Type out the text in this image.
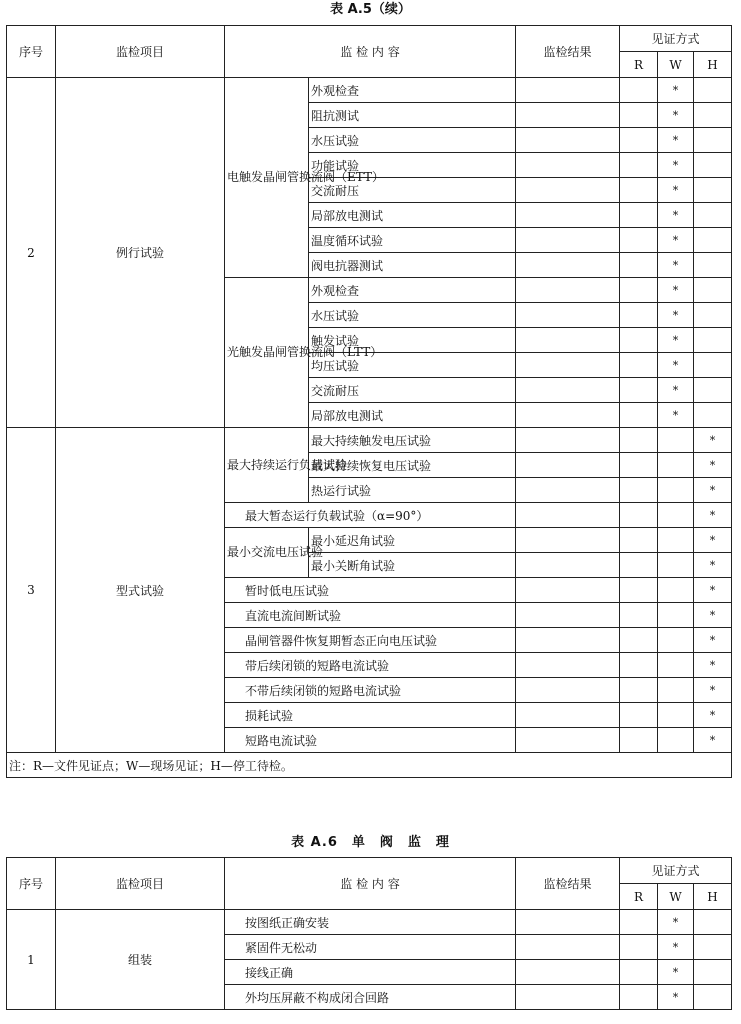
表 A.5（续）
序号	监检项目	监 检 内 容		监检结果	见证方式		
					R	W	H
2	例行试验	电触发晶闸管换流阀（ETT）	外观检查			*	
			阻抗测试			*	
			水压试验			*	
			功能试验			*	
			交流耐压			*	
			局部放电测试			*	
			温度循环试验			*	
			阀电抗器测试			*	
		光触发晶闸管换流阀（LTT）	外观检查			*	
			水压试验			*	
			触发试验			*	
			均压试验			*	
			交流耐压			*	
			局部放电测试			*	
3	型式试验	最大持续运行负载试验	最大持续触发电压试验				*
			最大持续恢复电压试验				*
			热运行试验				*
		最大暂态运行负载试验（α=90°）					*
		最小交流电压试验	最小延迟角试验				*
			最小关断角试验				*
		暂时低电压试验					*
		直流电流间断试验					*
		晶闸管器件恢复期暂态正向电压试验					*
		带后续闭锁的短路电流试验					*
		不带后续闭锁的短路电流试验					*
		损耗试验					*
		短路电流试验					*
注：R—文件见证点；W—现场见证；H—停工待检。							
表 A.6　单　阀　监　理
序号	监检项目	监 检 内 容	监检结果	见证方式		
				R	W	H
1	组装	按图纸正确安装			*	
		紧固件无松动			*	
		接线正确			*	
		外均压屏蔽不构成闭合回路			*	
